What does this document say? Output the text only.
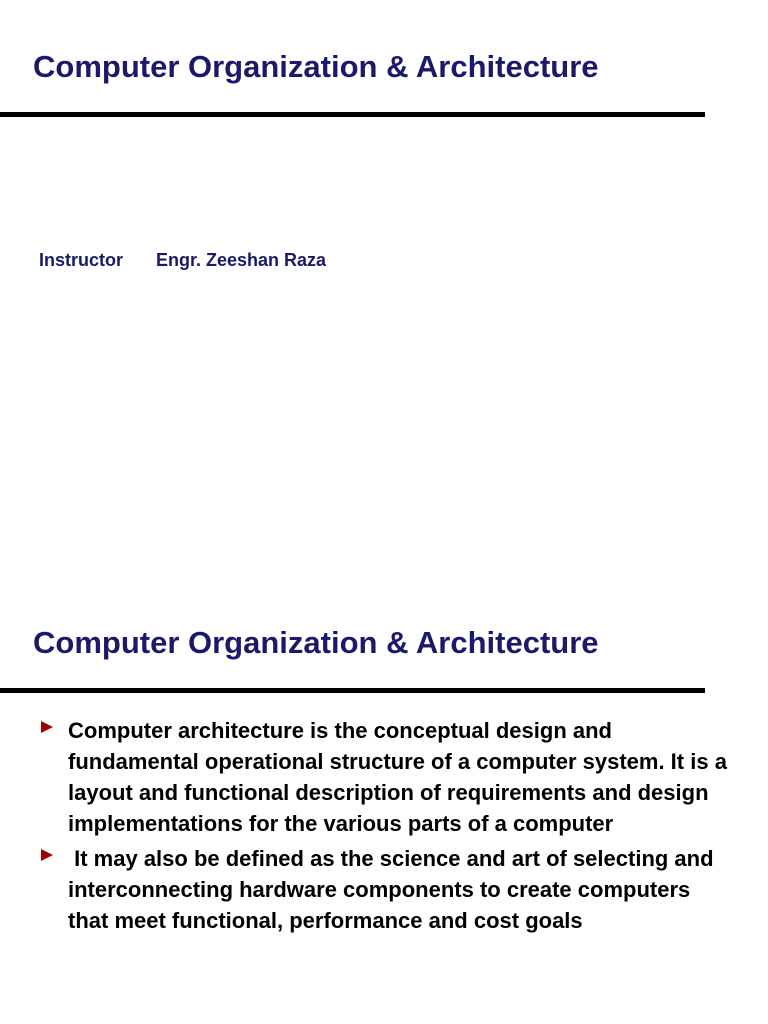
Computer Organization & Architecture
Instructor Engr. Zeeshan Raza
Computer Organization & Architecture
Computer architecture is the conceptual design and fundamental operational structure of a computer system. It is a layout and functional description of requirements and design implementations for the various parts of a computer
It may also be defined as the science and art of selecting and interconnecting hardware components to create computers that meet functional, performance and cost goals
